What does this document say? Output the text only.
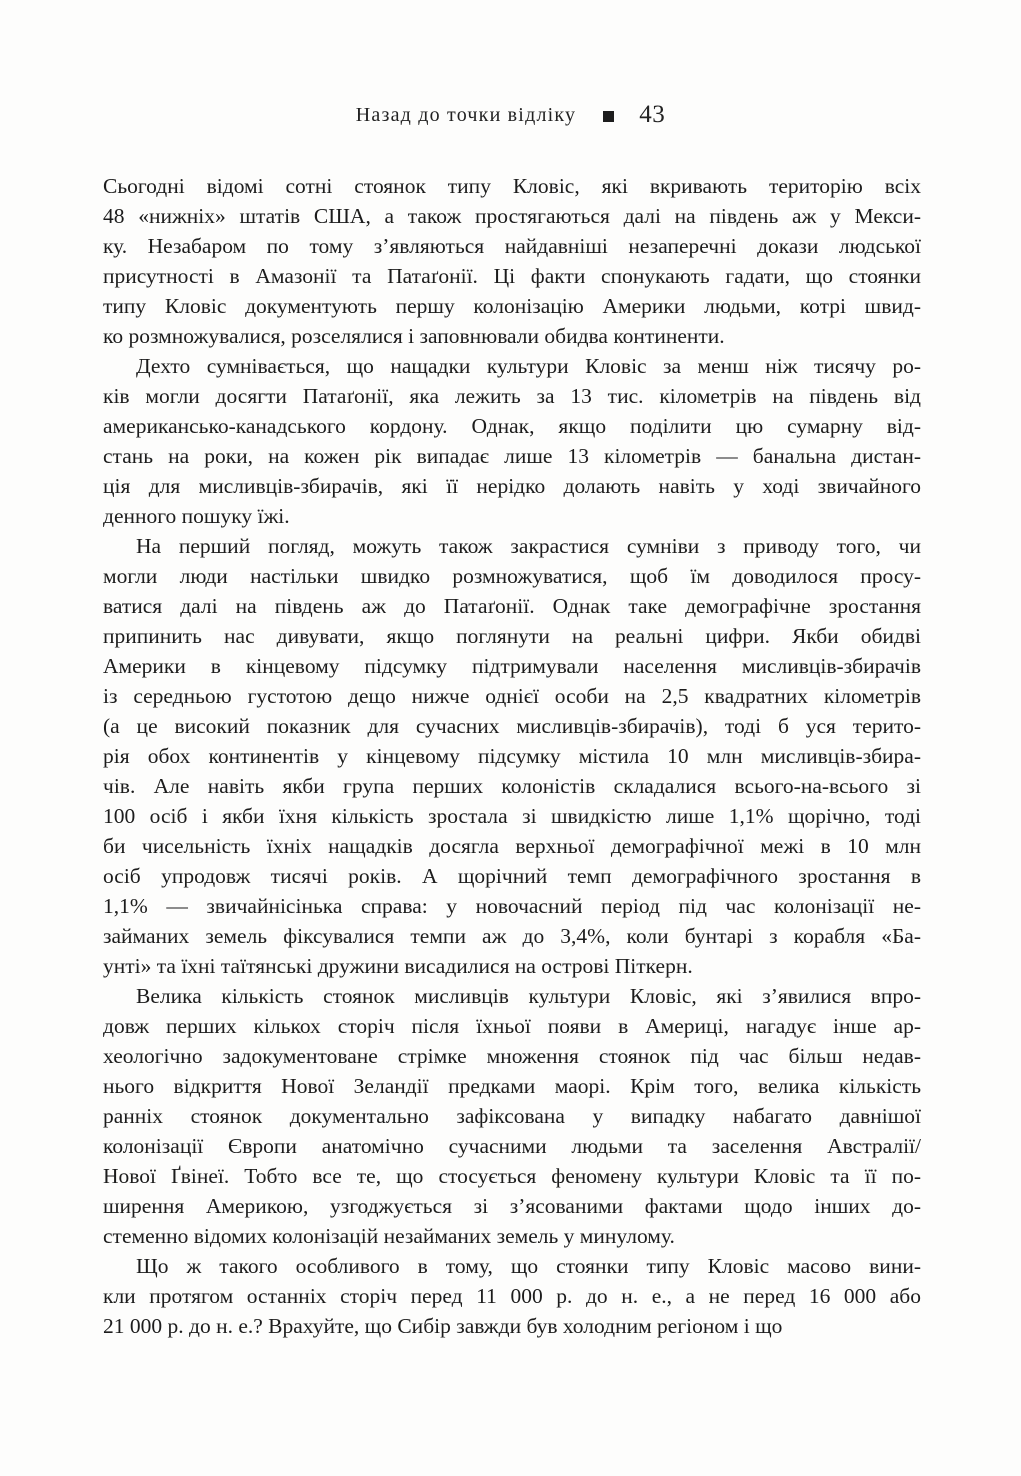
Назад до точки відліку	43
Сьогодні відомі сотні стоянок типу Кловіс, які вкривають територію всіх
48 «нижніх» штатів США, а також простягаються далі на південь аж у Мекси-
ку. Незабаром по тому з’являються найдавніші незаперечні докази людської
присутності в Амазонії та Патаґонії. Ці факти спонукають гадати, що стоянки
типу Кловіс документують першу колонізацію Америки людьми, котрі швид-
ко розмножувалися, розселялися і заповнювали обидва континенти.
Дехто сумнівається, що нащадки культури Кловіс за менш ніж тисячу ро-
ків могли досягти Патаґонії, яка лежить за 13 тис. кілометрів на південь від
американсько-канадського кордону. Однак, якщо поділити цю сумарну від-
стань на роки, на кожен рік випадає лише 13 кілометрів — банальна дистан-
ція для мисливців-збирачів, які її нерідко долають навіть у ході звичайного
денного пошуку їжі.
На перший погляд, можуть також закрастися сумніви з приводу того, чи
могли люди настільки швидко розмножуватися, щоб їм доводилося просу-
ватися далі на південь аж до Патаґонії. Однак таке демографічне зростання
припинить нас дивувати, якщо поглянути на реальні цифри. Якби обидві
Америки в кінцевому підсумку підтримували населення мисливців-збирачів
із середньою густотою дещо нижче однієї особи на 2,5 квадратних кілометрів
(а це високий показник для сучасних мисливців-збирачів), тоді б уся терито-
рія обох континентів у кінцевому підсумку містила 10 млн мисливців-збира-
чів. Але навіть якби група перших колоністів складалися всього-на-всього зі
100 осіб і якби їхня кількість зростала зі швидкістю лише 1,1% щорічно, тоді
би чисельність їхніх нащадків досягла верхньої демографічної межі в 10 млн
осіб упродовж тисячі років. А щорічний темп демографічного зростання в
1,1% — звичайнісінька справа: у новочасний період під час колонізації не-
займаних земель фіксувалися темпи аж до 3,4%, коли бунтарі з корабля «Ба-
унті» та їхні таїтянські дружини висадилися на острові Піткерн.
Велика кількість стоянок мисливців культури Кловіс, які з’явилися впро-
довж перших кількох сторіч після їхньої появи в Америці, нагадує інше ар-
хеологічно задокументоване стрімке множення стоянок під час більш недав-
нього відкриття Нової Зеландії предками маорі. Крім того, велика кількість
ранніх стоянок документально зафіксована у випадку набагато давнішої
колонізації Європи анатомічно сучасними людьми та заселення Австралії/
Нової Ґвінеї. Тобто все те, що стосується феномену культури Кловіс та її по-
ширення Америкою, узгоджується зі з’ясованими фактами щодо інших до-
стеменно відомих колонізацій незайманих земель у минулому.
Що ж такого особливого в тому, що стоянки типу Кловіс масово вини-
кли протягом останніх сторіч перед 11 000 р. до н. е., а не перед 16 000 або
21 000 р. до н. е.? Врахуйте, що Сибір завжди був холодним регіоном і що
